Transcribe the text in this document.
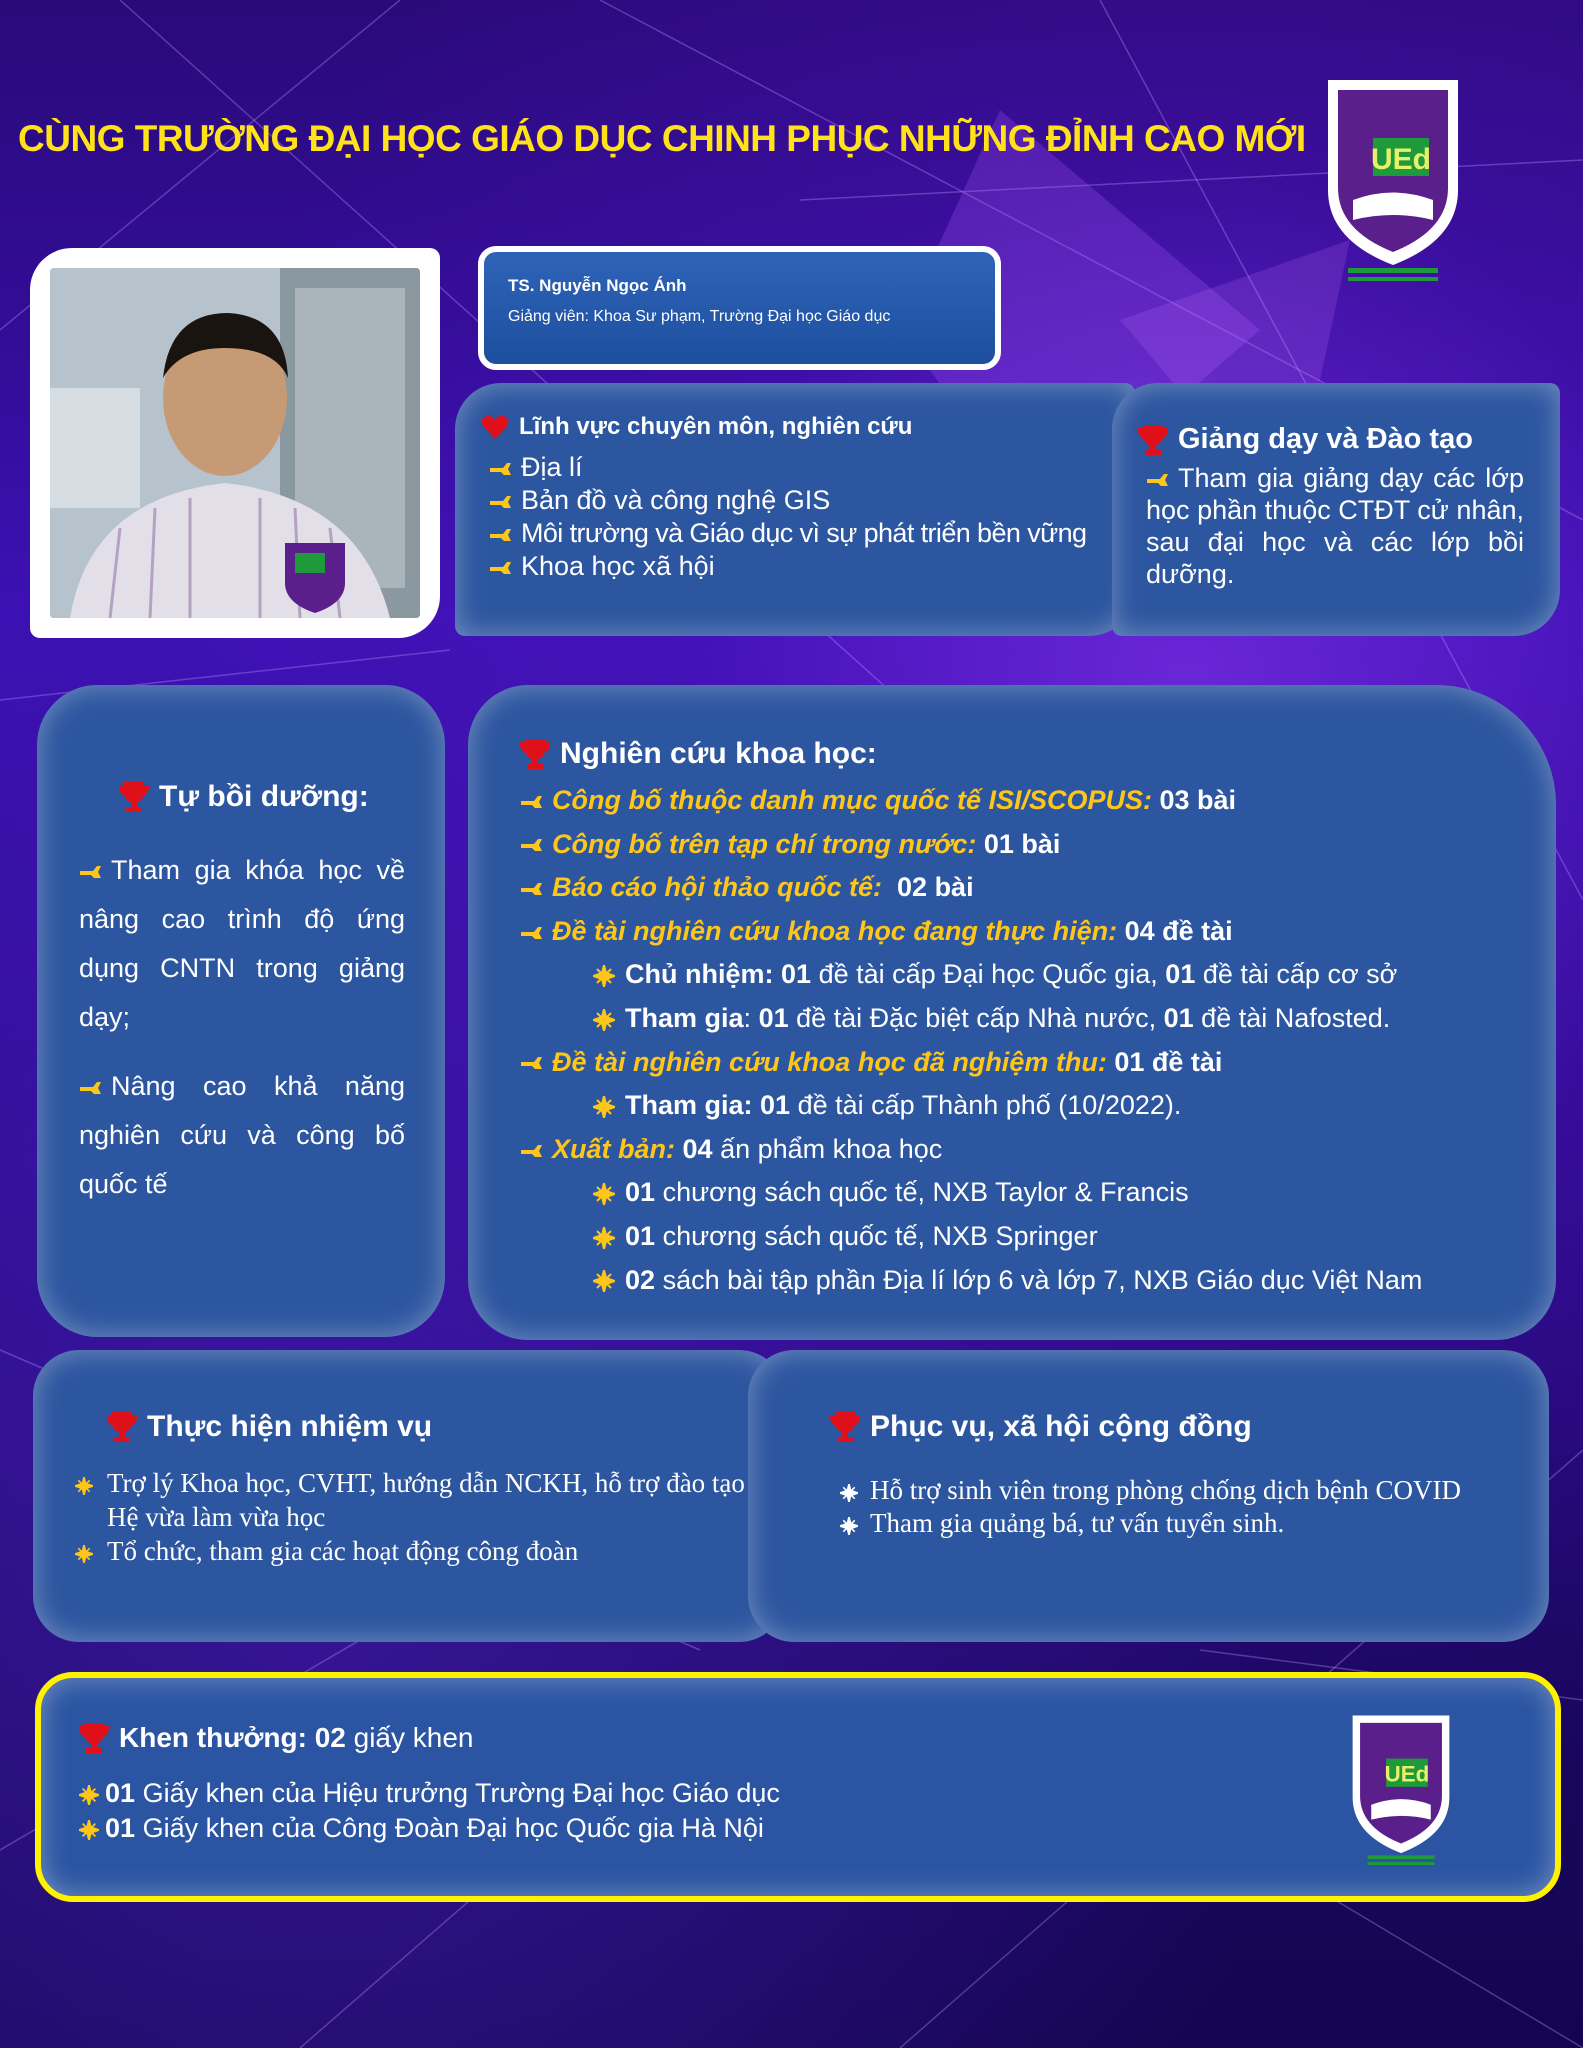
CÙNG TRƯỜNG ĐẠI HỌC GIÁO DỤC CHINH PHỤC NHỮNG ĐỈNH CAO MỚI
UEd
TS. Nguyễn Ngọc Ánh
Giảng viên: Khoa Sư phạm, Trường Đại học Giáo dục
Lĩnh vực chuyên môn, nghiên cứu
Địa lí
Bản đồ và công nghệ GIS
Môi trường và Giáo dục vì sự phát triển bền vững
Khoa học xã hội
Giảng dạy và Đào tạo
Tham gia giảng dạy các lớp học phần thuộc CTĐT cử nhân, sau đại học và các lớp bồi dưỡng.
Tự bồi dưỡng:
Tham gia khóa học về nâng cao trình độ ứng dụng CNTN trong giảng dạy;
Nâng cao khả năng nghiên cứu và công bố quốc tế
Nghiên cứu khoa học:
Công bố thuộc danh mục quốc tế ISI/SCOPUS: 03 bài
Công bố trên tạp chí trong nước: 01 bài
Báo cáo hội thảo quốc tế: 02 bài
Đề tài nghiên cứu khoa học đang thực hiện: 04 đề tài
Chủ nhiệm: 01 đề tài cấp Đại học Quốc gia, 01 đề tài cấp cơ sở
Tham gia: 01 đề tài Đặc biệt cấp Nhà nước, 01 đề tài Nafosted.
Đề tài nghiên cứu khoa học đã nghiệm thu: 01 đề tài
Tham gia: 01 đề tài cấp Thành phố (10/2022).
Xuất bản: 04 ấn phẩm khoa học
01 chương sách quốc tế, NXB Taylor & Francis
01 chương sách quốc tế, NXB Springer
02 sách bài tập phần Địa lí lớp 6 và lớp 7, NXB Giáo dục Việt Nam
Thực hiện nhiệm vụ
Trợ lý Khoa học, CVHT, hướng dẫn NCKH, hỗ trợ đào tạo Hệ vừa làm vừa học
Tổ chức, tham gia các hoạt động công đoàn
Phục vụ, xã hội cộng đồng
Hỗ trợ sinh viên trong phòng chống dịch bệnh COVID
Tham gia quảng bá, tư vấn tuyển sinh.
Khen thưởng: 02 giấy khen
01 Giấy khen của Hiệu trưởng Trường Đại học Giáo dục
01 Giấy khen của Công Đoàn Đại học Quốc gia Hà Nội
UEd
